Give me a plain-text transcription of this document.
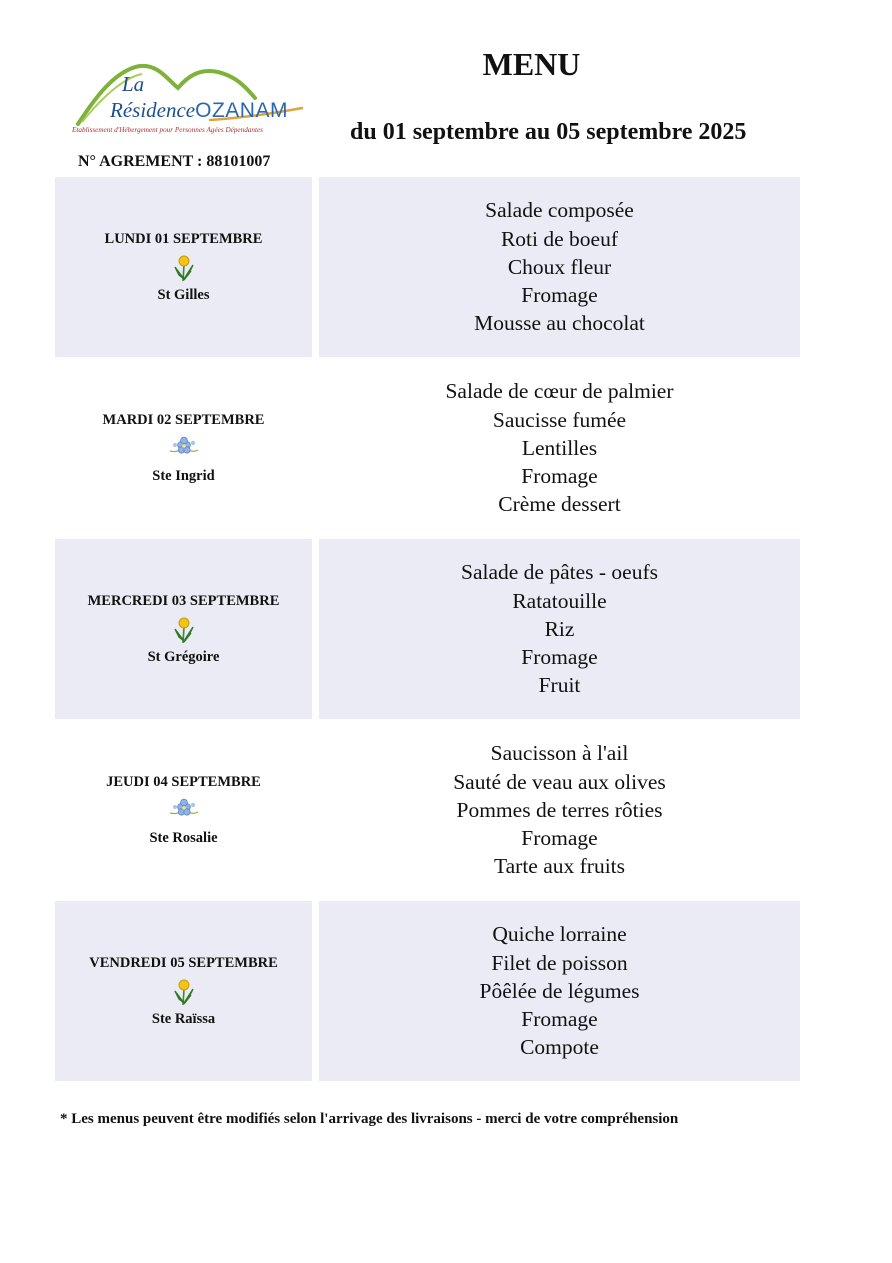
La
RésidenceOZANAM
Etablissement d'Hébergement pour Personnes Agées Dépendantes
N° AGREMENT : 88101007
MENU
du 01 septembre au 05 septembre 2025
LUNDI 01 SEPTEMBRE
St Gilles
Salade composée
Roti de boeuf
Choux fleur
Fromage
Mousse au chocolat
MARDI 02 SEPTEMBRE
Ste Ingrid
Salade de cœur de palmier
Saucisse fumée
Lentilles
Fromage
Crème dessert
MERCREDI 03 SEPTEMBRE
St Grégoire
Salade de pâtes - oeufs
Ratatouille
Riz
Fromage
Fruit
JEUDI 04 SEPTEMBRE
Ste Rosalie
Saucisson à l'ail
Sauté de veau aux olives
Pommes de terres rôties
Fromage
Tarte aux fruits
VENDREDI 05 SEPTEMBRE
Ste Raïssa
Quiche lorraine
Filet de poisson
Pôêlée de légumes
Fromage
Compote
* Les menus peuvent être modifiés selon l'arrivage des livraisons - merci de votre compréhension
